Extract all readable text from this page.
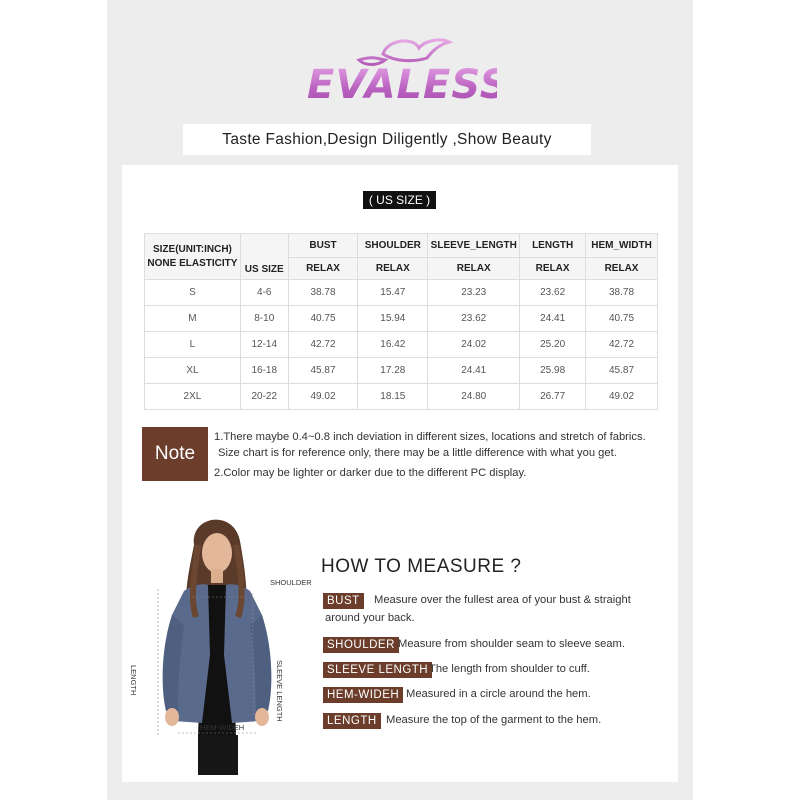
EVALESS
Taste Fashion,Design Diligently ,Show Beauty
( US SIZE )
SIZE(UNIT:INCH)
NONE ELASTICITY	US SIZE	BUST	SHOULDER	SLEEVE_LENGTH	LENGTH	HEM_WIDTH
		RELAX	RELAX	RELAX	RELAX	RELAX
S	4-6	38.78	15.47	23.23	23.62	38.78
M	8-10	40.75	15.94	23.62	24.41	40.75
L	12-14	42.72	16.42	24.02	25.20	42.72
XL	16-18	45.87	17.28	24.41	25.98	45.87
2XL	20-22	49.02	18.15	24.80	26.77	49.02
Note
1.There maybe 0.4~0.8 inch deviation in different sizes, locations and stretch of fabrics.
Size chart is for reference only, there may be a little difference with what you get.
2.Color may be lighter or darker due to the different PC display.
SHOULDER
SLEEVE LENGTH
LENGTH
HEM-WIDEH
HOW TO MEASURE ?
BUST	Measure over the fullest area of your bust & straight
around your back.
SHOULDER Measure from shoulder seam to sleeve seam.
SLEEVE LENGTH The length from shoulder to cuff.
HEM-WIDEH Measured in a circle around the hem.
LENGTH Measure the top of the garment to the hem.
